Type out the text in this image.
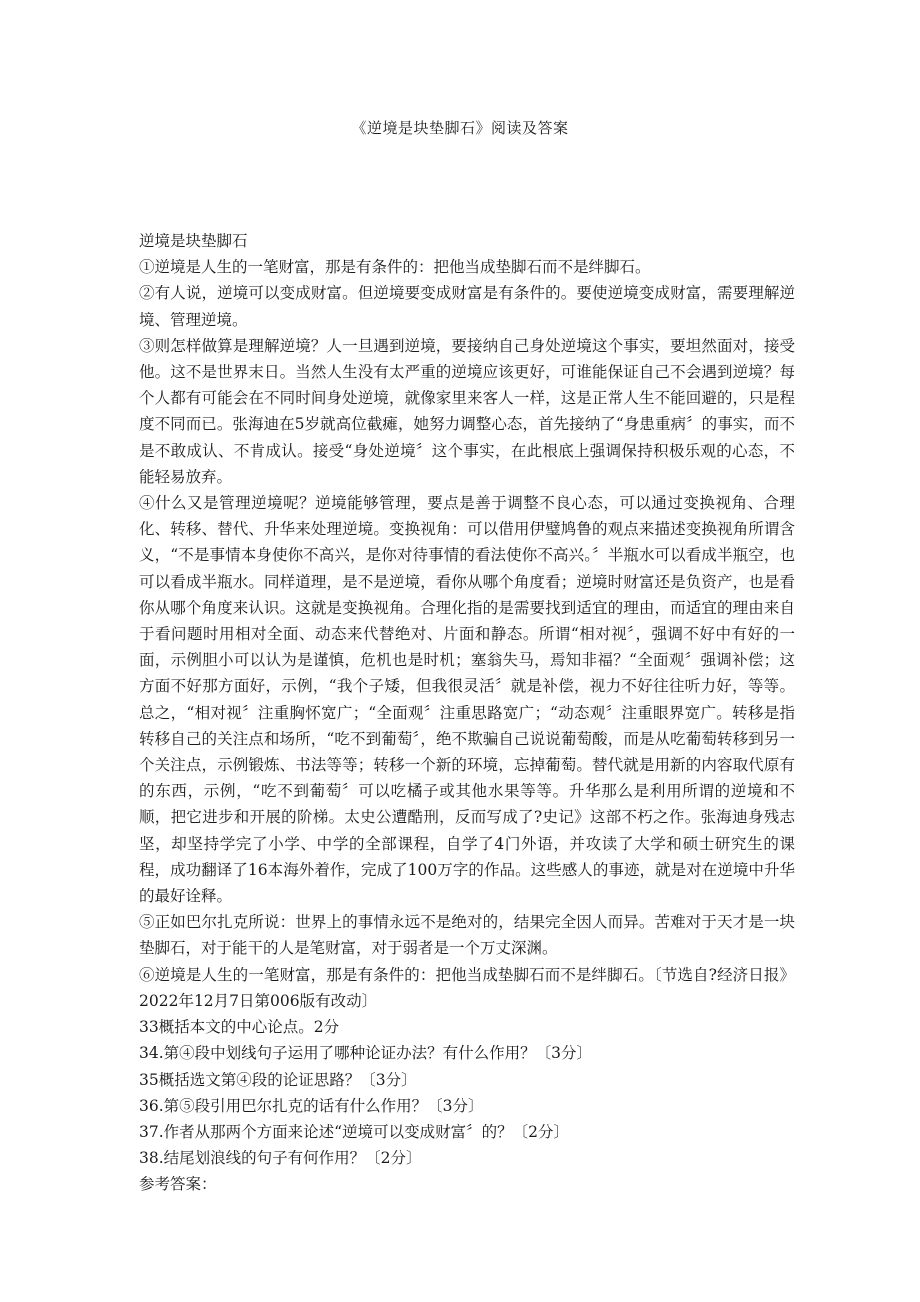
《逆境是块垫脚石》阅读及答案

逆境是块垫脚石

①逆境是人生的一笔财富，那是有条件的：把他当成垫脚石而不是绊脚石。

②有人说，逆境可以变成财富。但逆境要变成财富是有条件的。要使逆境变成财富，需要理解逆境、管理逆境。

③则怎样做算是理解逆境？人一旦遇到逆境，要接纳自己身处逆境这个事实，要坦然面对，接受他。这不是世界末日。当然人生没有太严重的逆境应该更好，可谁能保证自己不会遇到逆境？每个人都有可能会在不同时间身处逆境，就像家里来客人一样，这是正常人生不能回避的，只是程度不同而已。张海迪在5岁就高位截瘫，她努力调整心态，首先接纳了“身患重病〞的事实，而不是不敢成认、不肯成认。接受“身处逆境〞这个事实，在此根底上强调保持积极乐观的心态，不能轻易放弃。

④什么又是管理逆境呢？逆境能够管理，要点是善于调整不良心态，可以通过变换视角、合理化、转移、替代、升华来处理逆境。变换视角：可以借用伊璧鸠鲁的观点来描述变换视角所谓含义，“不是事情本身使你不高兴，是你对待事情的看法使你不高兴。〞半瓶水可以看成半瓶空，也可以看成半瓶水。同样道理，是不是逆境，看你从哪个角度看；逆境时财富还是负资产，也是看你从哪个角度来认识。这就是变换视角。合理化指的是需要找到适宜的理由，而适宜的理由来自于看问题时用相对全面、动态来代替绝对、片面和静态。所谓“相对视〞，强调不好中有好的一面，示例胆小可以认为是谨慎，危机也是时机；塞翁失马，焉知非福？“全面观〞强调补偿；这方面不好那方面好，示例，“我个子矮，但我很灵活〞就是补偿，视力不好往往听力好，等等。总之，“相对视〞注重胸怀宽广；“全面观〞注重思路宽广；“动态观〞注重眼界宽广。转移是指转移自己的关注点和场所，“吃不到葡萄〞，绝不欺骗自己说说葡萄酸，而是从吃葡萄转移到另一个关注点，示例锻炼、书法等等；转移一个新的环境，忘掉葡萄。替代就是用新的内容取代原有的东西，示例，“吃不到葡萄〞可以吃橘子或其他水果等等。升华那么是利用所谓的逆境和不顺，把它进步和开展的阶梯。太史公遭酷刑，反而写成了?史记》这部不朽之作。张海迪身残志坚，却坚持学完了小学、中学的全部课程，自学了4门外语，并攻读了大学和硕士研究生的课程，成功翻译了16本海外着作，完成了100万字的作品。这些感人的事迹，就是对在逆境中升华的最好诠释。

⑤正如巴尔扎克所说：世界上的事情永远不是绝对的，结果完全因人而异。苦难对于天才是一块垫脚石，对于能干的人是笔财富，对于弱者是一个万丈深渊。

⑥逆境是人生的一笔财富，那是有条件的：把他当成垫脚石而不是绊脚石。〔节选自?经济日报》2022年12月7日第006版有改动〕

33概括本文的中心论点。2分

34.第④段中划线句子运用了哪种论证办法？有什么作用？〔3分〕

35概括选文第④段的论证思路？〔3分〕

36.第⑤段引用巴尔扎克的话有什么作用？〔3分〕

37.作者从那两个方面来论述“逆境可以变成财富〞的？〔2分〕

38.结尾划浪线的句子有何作用？〔2分〕

参考答案：
